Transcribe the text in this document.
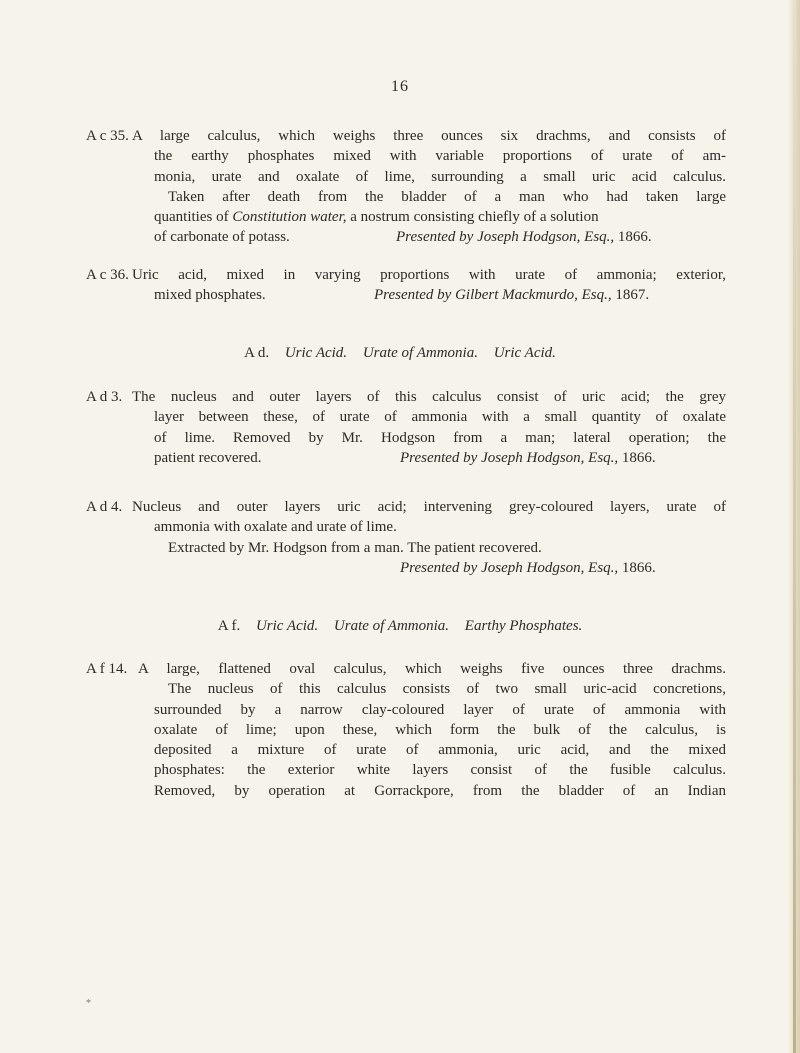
16
A c 35. A large calculus, which weighs three ounces six drachms, and consists of
the earthy phosphates mixed with variable proportions of urate of am-
monia, urate and oxalate of lime, surrounding a small uric acid calculus.
Taken after death from the bladder of a man who had taken large
quantities of Constitution water, a nostrum consisting chiefly of a solution
of carbonate of potass.	Presented by Joseph Hodgson, Esq., 1866.
A c 36. Uric acid, mixed in varying proportions with urate of ammonia; exterior,
mixed phosphates.	Presented by Gilbert Mackmurdo, Esq., 1867.
A d. Uric Acid. Urate of Ammonia. Uric Acid.
A d 3. The nucleus and outer layers of this calculus consist of uric acid; the grey
layer between these, of urate of ammonia with a small quantity of oxalate
of lime. Removed by Mr. Hodgson from a man; lateral operation; the
patient recovered.	Presented by Joseph Hodgson, Esq., 1866.
A d 4. Nucleus and outer layers uric acid; intervening grey-coloured layers, urate of
ammonia with oxalate and urate of lime.
Extracted by Mr. Hodgson from a man. The patient recovered.
Presented by Joseph Hodgson, Esq., 1866.
A f. Uric Acid. Urate of Ammonia. Earthy Phosphates.
A f 14. A large, flattened oval calculus, which weighs five ounces three drachms.
The nucleus of this calculus consists of two small uric-acid concretions,
surrounded by a narrow clay-coloured layer of urate of ammonia with
oxalate of lime; upon these, which form the bulk of the calculus, is
deposited a mixture of urate of ammonia, uric acid, and the mixed
phosphates: the exterior white layers consist of the fusible calculus.
Removed, by operation at Gorrackpore, from the bladder of an Indian
*
